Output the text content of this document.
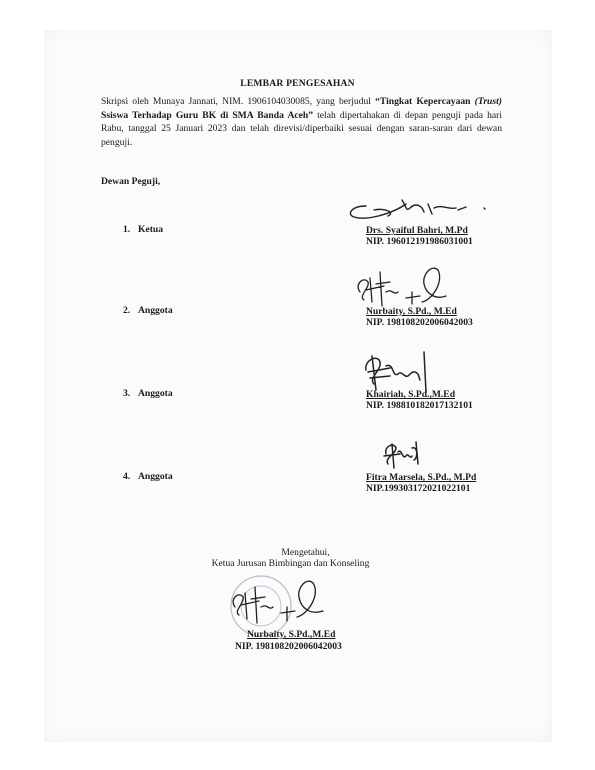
LEMBAR PENGESAHAN
Skripsi oleh Munaya Jannati, NIM. 1906104030085, yang berjudul “Tingkat Kepercayaan (Trust) Ssiswa Terhadap Guru BK di SMA Banda Aceh” telah dipertahakan di depan penguji pada hari Rabu, tanggal 25 Januari 2023 dan telah direvisi/diperbaiki sesuai dengan saran-saran dari dewan penguji.
Dewan Peguji,
1. Ketua	Drs. Syaiful Bahri, M.Pd
NIP. 196012191986031001
2. Anggota	Nurbaity, S.Pd., M.Ed
NIP. 198108202006042003
3. Anggota	Khairiah, S.Pd.,M.Ed
NIP. 198810182017132101
4. Anggota	Fitra Marsela, S.Pd., M.Pd
NIP.199303172021022101
Mengetahui,
Ketua Jurusan Bimbingan dan Konseling
Nurbaity, S.Pd.,M.Ed
NIP. 198108202006042003
